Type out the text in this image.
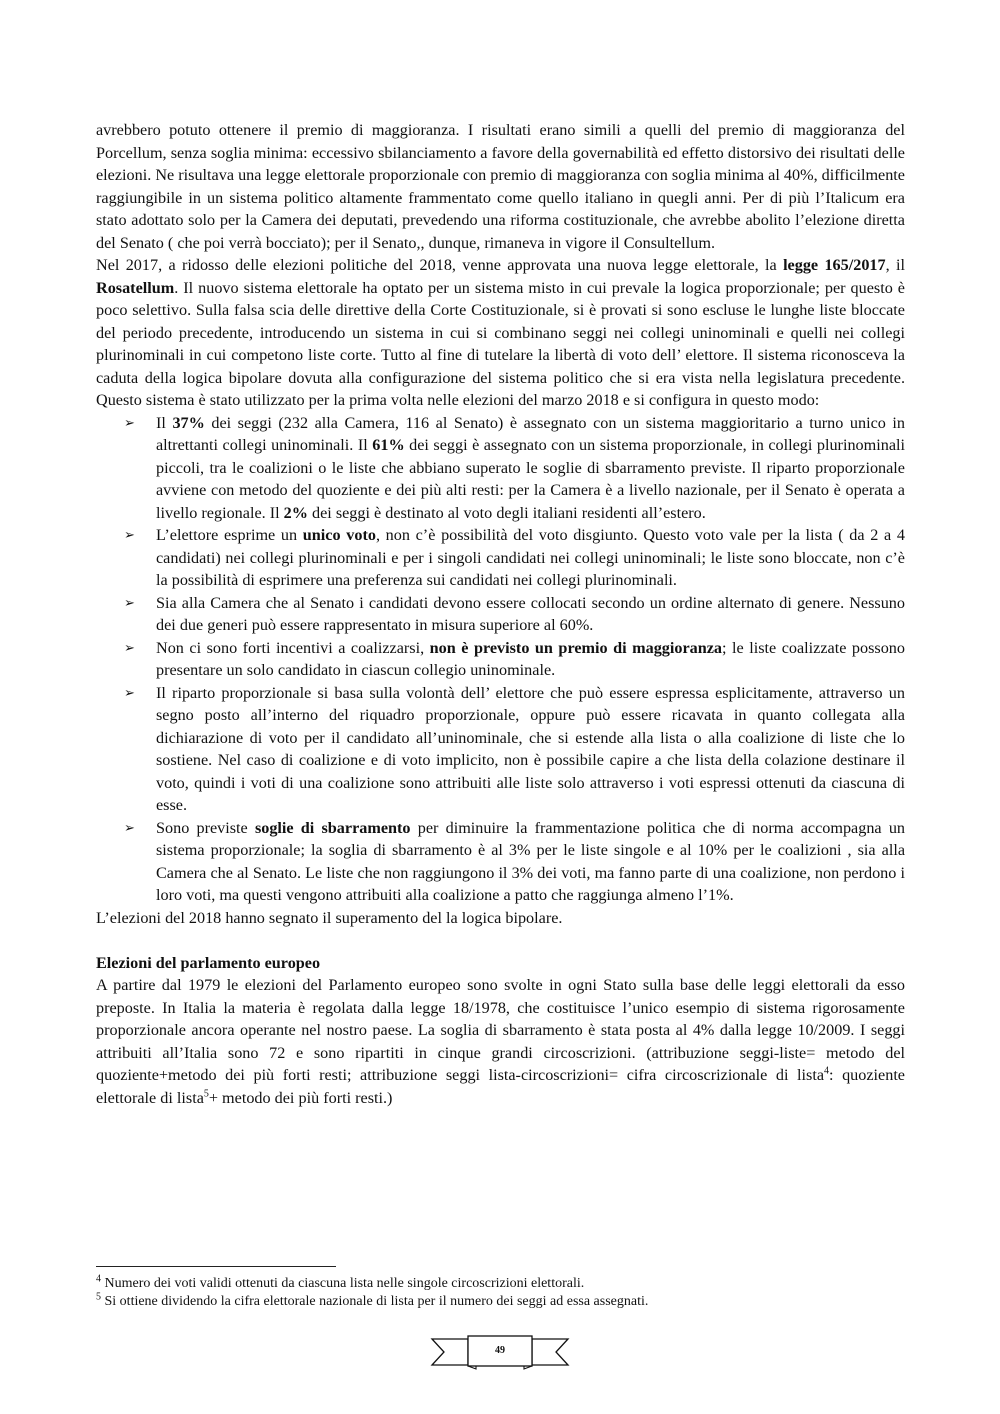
avrebbero potuto ottenere il premio di maggioranza. I risultati erano simili a quelli del premio di maggioranza del Porcellum, senza soglia minima: eccessivo sbilanciamento a favore della governabilità ed effetto distorsivo dei risultati delle elezioni. Ne risultava una legge elettorale proporzionale con premio di maggioranza con soglia minima al 40%, difficilmente raggiungibile in un sistema politico altamente frammentato come quello italiano in quegli anni. Per di più l’Italicum era stato adottato solo per la Camera dei deputati, prevedendo una riforma costituzionale, che avrebbe abolito l’elezione diretta del Senato ( che poi verrà bocciato); per il Senato,, dunque, rimaneva in vigore il Consultellum.

Nel 2017, a ridosso delle elezioni politiche del 2018, venne approvata una nuova legge elettorale, la legge 165/2017, il Rosatellum. Il nuovo sistema elettorale ha optato per un sistema misto in cui prevale la logica proporzionale; per questo è poco selettivo. Sulla falsa scia delle direttive della Corte Costituzionale, si è provati si sono escluse le lunghe liste bloccate del periodo precedente, introducendo un sistema in cui si combinano seggi nei collegi uninominali e quelli nei collegi plurinominali in cui competono liste corte. Tutto al fine di tutelare la libertà di voto dell’ elettore. Il sistema riconosceva la caduta della logica bipolare dovuta alla configurazione del sistema politico che si era vista nella legislatura precedente. Questo sistema è stato utilizzato per la prima volta nelle elezioni del marzo 2018 e si configura in questo modo:

➢ Il 37% dei seggi (232 alla Camera, 116 al Senato) è assegnato con un sistema maggioritario a turno unico in altrettanti collegi uninominali. Il 61% dei seggi è assegnato con un sistema proporzionale, in collegi plurinominali piccoli, tra le coalizioni o le liste che abbiano superato le soglie di sbarramento previste. Il riparto proporzionale avviene con metodo del quoziente e dei più alti resti: per la Camera è a livello nazionale, per il Senato è operata a livello regionale. Il 2% dei seggi è destinato al voto degli italiani residenti all’estero.
➢ L’elettore esprime un unico voto, non c’è possibilità del voto disgiunto. Questo voto vale per la lista ( da 2 a 4 candidati) nei collegi plurinominali e per i singoli candidati nei collegi uninominali; le liste sono bloccate, non c’è la possibilità di esprimere una preferenza sui candidati nei collegi plurinominali.
➢ Sia alla Camera che al Senato i candidati devono essere collocati secondo un ordine alternato di genere. Nessuno dei due generi può essere rappresentato in misura superiore al 60%.
➢ Non ci sono forti incentivi a coalizzarsi, non è previsto un premio di maggioranza; le liste coalizzate possono presentare un solo candidato in ciascun collegio uninominale.
➢ Il riparto proporzionale si basa sulla volontà dell’ elettore che può essere espressa esplicitamente, attraverso un segno posto all’interno del riquadro proporzionale, oppure può essere ricavata in quanto collegata alla dichiarazione di voto per il candidato all’uninominale, che si estende alla lista o alla coalizione di liste che lo sostiene. Nel caso di coalizione e di voto implicito, non è possibile capire a che lista della colazione destinare il voto, quindi i voti di una coalizione sono attribuiti alle liste solo attraverso i voti espressi ottenuti da ciascuna di esse.
➢ Sono previste soglie di sbarramento per diminuire la frammentazione politica che di norma accompagna un sistema proporzionale; la soglia di sbarramento è al 3% per le liste singole e al 10% per le coalizioni , sia alla Camera che al Senato. Le liste che non raggiungono il 3% dei voti, ma fanno parte di una coalizione, non perdono i loro voti, ma questi vengono attribuiti alla coalizione a patto che raggiunga almeno l’1%.

L’elezioni del 2018 hanno segnato il superamento del la logica bipolare.

Elezioni del parlamento europeo

A partire dal 1979 le elezioni del Parlamento europeo sono svolte in ogni Stato sulla base delle leggi elettorali da esso preposte. In Italia la materia è regolata dalla legge 18/1978, che costituisce l’unico esempio di sistema rigorosamente proporzionale ancora operante nel nostro paese. La soglia di sbarramento è stata posta al 4% dalla legge 10/2009. I seggi attribuiti all’Italia sono 72 e sono ripartiti in cinque grandi circoscrizioni. (attribuzione seggi-liste= metodo del quoziente+metodo dei più forti resti; attribuzione seggi lista-circoscrizioni= cifra circoscrizionale di lista$^4$: quoziente elettorale di lista$^5$+ metodo dei più forti resti.)

$^4$ Numero dei voti validi ottenuti da ciascuna lista nelle singole circoscrizioni elettorali.

$^5$ Si ottiene dividendo la cifra elettorale nazionale di lista per il numero dei seggi ad essa assegnati.

49
